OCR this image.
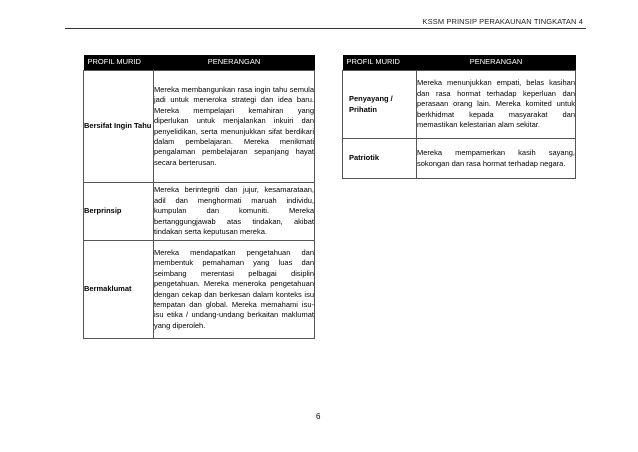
KSSM PRINSIP PERAKAUNAN TINGKATAN 4
PROFIL MURID	PENERANGAN
Bersifat Ingin Tahu	Mereka membangunkan rasa ingin tahu semula jadi untuk meneroka strategi dan idea baru. Mereka mempelajari kemahiran yang diperlukan untuk menjalankan inkuiri dan penyelidikan, serta menunjukkan sifat berdikari dalam pembelajaran. Mereka menikmati pengalaman pembelajaran sepanjang hayat secara berterusan.
Berprinsip	Mereka berintegriti dan jujur, kesamarataan, adil dan menghormati maruah individu, kumpulan dan komuniti. Mereka bertanggungjawab atas tindakan, akibat tindakan serta keputusan mereka.
Bermaklumat	Mereka mendapatkan pengetahuan dan membentuk pemahaman yang luas dan seimbang merentasi pelbagai disiplin pengetahuan. Mereka meneroka pengetahuan dengan cekap dan berkesan dalam konteks isu tempatan dan global. Mereka memahami isu-isu etika / undang-undang berkaitan maklumat yang diperoleh.
PROFIL MURID	PENERANGAN
Penyayang / Prihatin	Mereka menunjukkan empati, belas kasihan dan rasa hormat terhadap keperluan dan perasaan orang lain. Mereka komited untuk berkhidmat kepada masyarakat dan memastikan kelestarian alam sekitar.
Patriotik	Mereka mempamerkan kasih sayang, sokongan dan rasa hormat terhadap negara.
6
